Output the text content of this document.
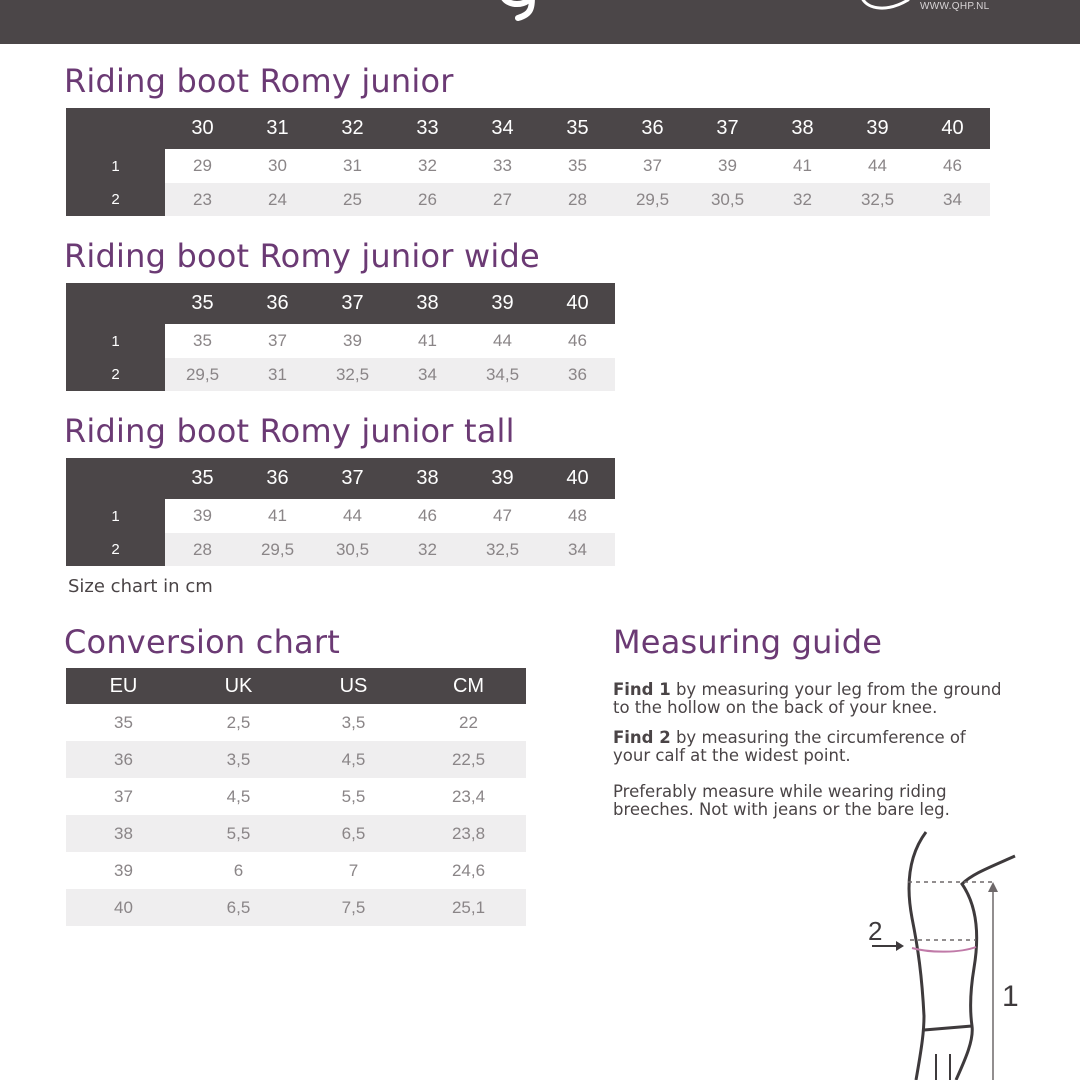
WWW.QHP.NL
Riding boot Romy junior
	30	31	32	33	34	35	36	37	38	39	40
1	29	30	31	32	33	35	37	39	41	44	46
2	23	24	25	26	27	28	29,5	30,5	32	32,5	34
Riding boot Romy junior wide
	35	36	37	38	39	40
1	35	37	39	41	44	46
2	29,5	31	32,5	34	34,5	36
Riding boot Romy junior tall
	35	36	37	38	39	40
1	39	41	44	46	47	48
2	28	29,5	30,5	32	32,5	34
Size chart in cm
Conversion chart
EU	UK	US	CM
35	2,5	3,5	22
36	3,5	4,5	22,5
37	4,5	5,5	23,4
38	5,5	6,5	23,8
39	6	7	24,6
40	6,5	7,5	25,1
Measuring guide

Find 1 by measuring your leg from the ground
to the hollow on the back of your knee.

Find 2 by measuring the circumference of
your calf at the widest point.

Preferably measure while wearing riding
breeches. Not with jeans or the bare leg.

2
1
